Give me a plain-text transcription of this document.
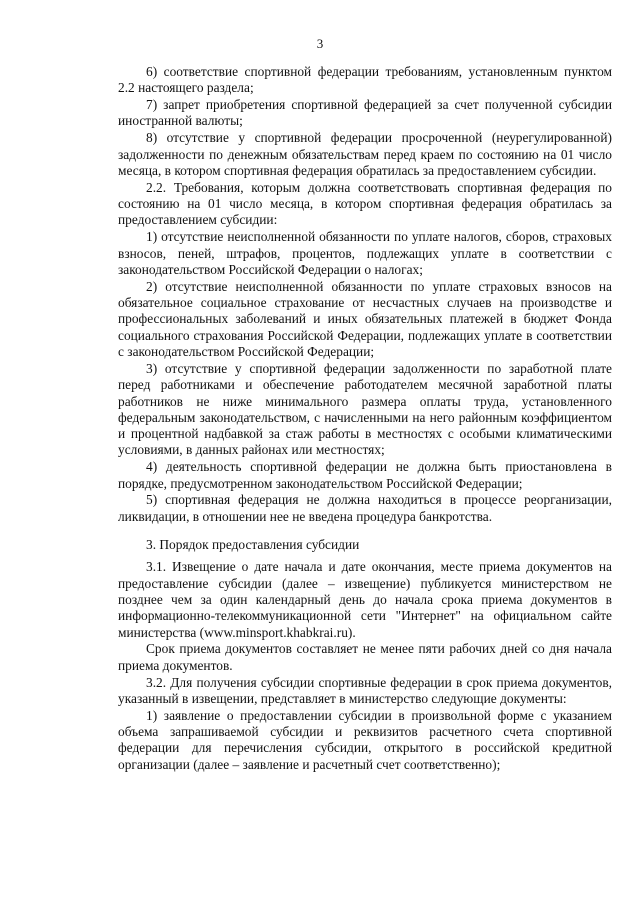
3

6) соответствие спортивной федерации требованиям, установленным пунктом 2.2 настоящего раздела;

7) запрет приобретения спортивной федерацией за счет полученной субсидии иностранной валюты;

8) отсутствие у спортивной федерации просроченной (неурегулированной) задолженности по денежным обязательствам перед краем по состоянию на 01 число месяца, в котором спортивная федерация обратилась за предоставлением субсидии.

2.2. Требования, которым должна соответствовать спортивная федерация по состоянию на 01 число месяца, в котором спортивная федерация обратилась за предоставлением субсидии:

1) отсутствие неисполненной обязанности по уплате налогов, сборов, страховых взносов, пеней, штрафов, процентов, подлежащих уплате в соответствии с законодательством Российской Федерации о налогах;

2) отсутствие неисполненной обязанности по уплате страховых взносов на обязательное социальное страхование от несчастных случаев на производстве и профессиональных заболеваний и иных обязательных платежей в бюджет Фонда социального страхования Российской Федерации, подлежащих уплате в соответствии с законодательством Российской Федерации;

3) отсутствие у спортивной федерации задолженности по заработной плате перед работниками и обеспечение работодателем месячной заработной платы работников не ниже минимального размера оплаты труда, установленного федеральным законодательством, с начисленными на него районным коэффициентом и процентной надбавкой за стаж работы в местностях с особыми климатическими условиями, в данных районах или местностях;

4) деятельность спортивной федерации не должна быть приостановлена в порядке, предусмотренном законодательством Российской Федерации;

5) спортивная федерация не должна находиться в процессе реорганизации, ликвидации, в отношении нее не введена процедура банкротства.

3. Порядок предоставления субсидии

3.1. Извещение о дате начала и дате окончания, месте приема документов на предоставление субсидии (далее – извещение) публикуется министерством не позднее чем за один календарный день до начала срока приема документов в информационно-телекоммуникационной сети "Интернет" на официальном сайте министерства (www.minsport.khabkrai.ru).

Срок приема документов составляет не менее пяти рабочих дней со дня начала приема документов.

3.2. Для получения субсидии спортивные федерации в срок приема документов, указанный в извещении, представляет в министерство следующие документы:

1) заявление о предоставлении субсидии в произвольной форме с указанием объема запрашиваемой субсидии и реквизитов расчетного счета спортивной федерации для перечисления субсидии, открытого в российской кредитной организации (далее – заявление и расчетный счет соответственно);
